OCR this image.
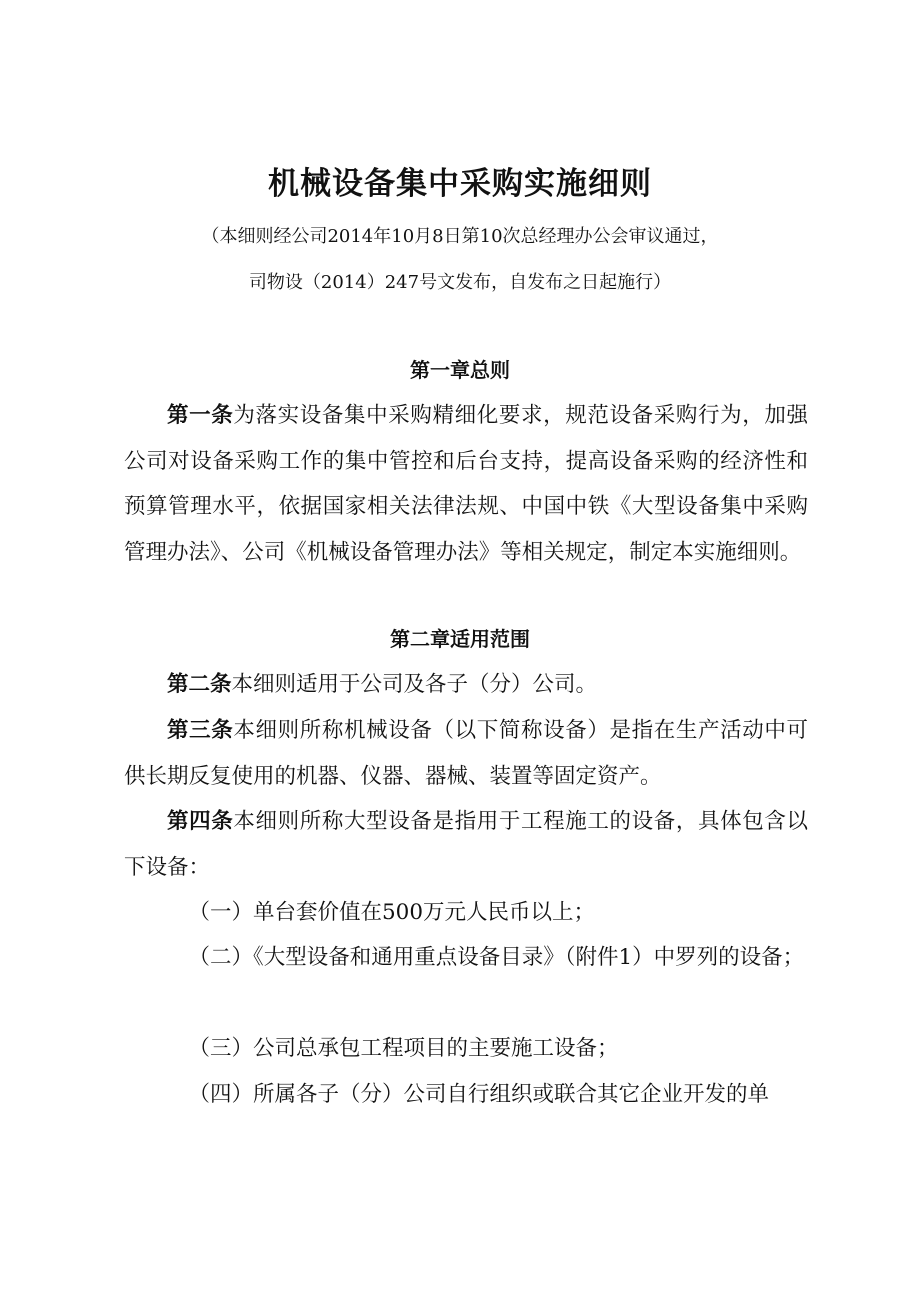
机械设备集中采购实施细则
（本细则经公司2014年10月8日第10次总经理办公会审议通过，
司物设（2014）247号文发布，自发布之日起施行）
第一章总则

第一条为落实设备集中采购精细化要求，规范设备采购行为，加强公司对设备采购工作的集中管控和后台支持，提高设备采购的经济性和预算管理水平，依据国家相关法律法规、中国中铁《大型设备集中采购管理办法》、公司《机械设备管理办法》等相关规定，制定本实施细则。

第二章适用范围

第二条本细则适用于公司及各子（分）公司。

第三条本细则所称机械设备（以下简称设备）是指在生产活动中可供长期反复使用的机器、仪器、器械、装置等固定资产。

第四条本细则所称大型设备是指用于工程施工的设备，具体包含以下设备：

（一）单台套价值在500万元人民币以上；

（二）《大型设备和通用重点设备目录》（附件1）中罗列的设备；

（三）公司总承包工程项目的主要施工设备；

（四）所属各子（分）公司自行组织或联合其它企业开发的单
